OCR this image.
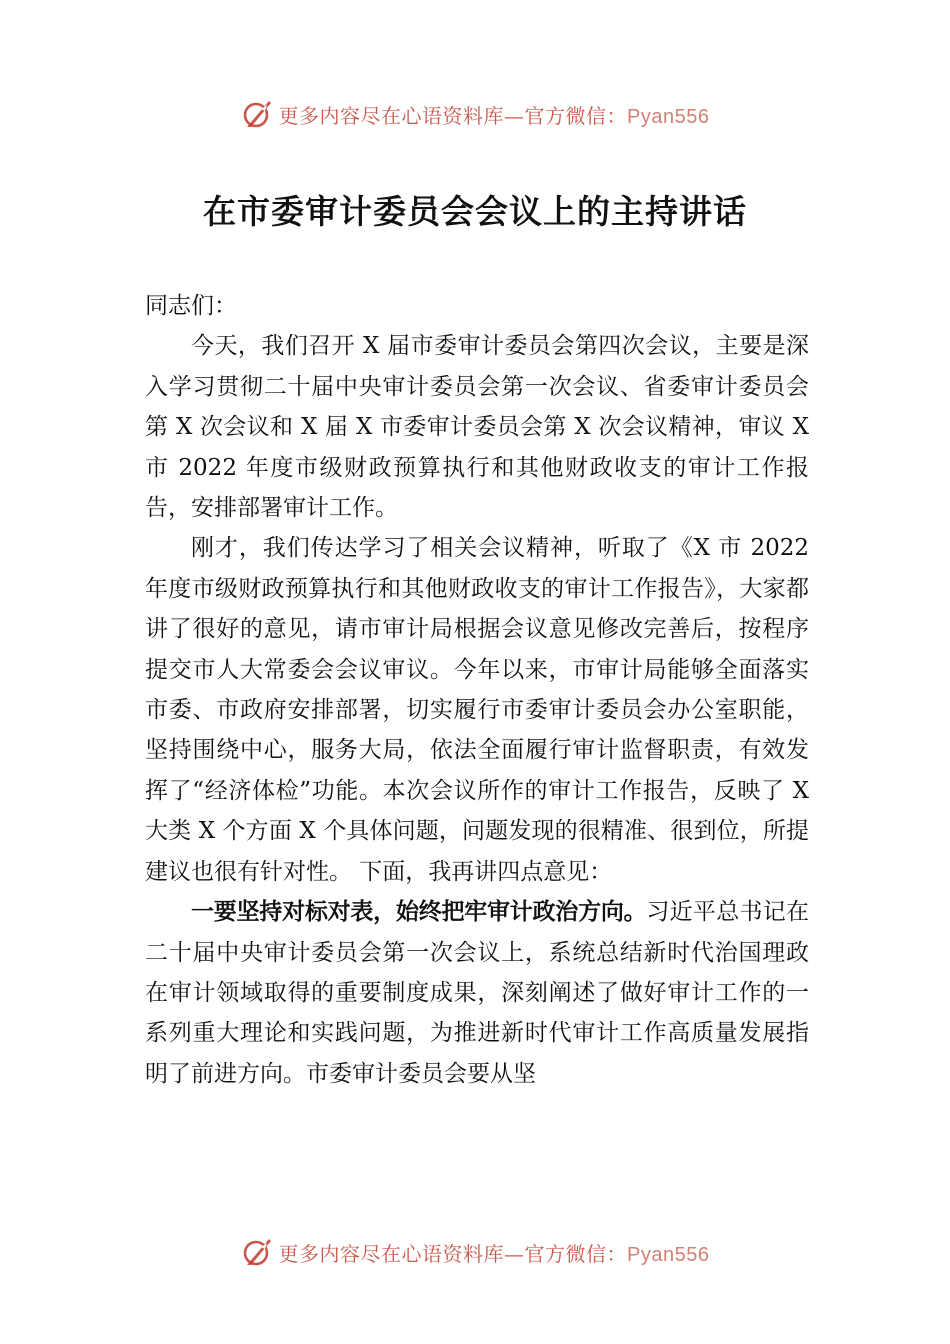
更多内容尽在心语资料库—官方微信：Pyan556
在市委审计委员会会议上的主持讲话

同志们：

今天，我们召开 X 届市委审计委员会第四次会议，主要是深入学习贯彻二十届中央审计委员会第一次会议、省委审计委员会第 X 次会议和 X 届 X 市委审计委员会第 X 次会议精神，审议 X 市 2022 年度市级财政预算执行和其他财政收支的审计工作报告，安排部署审计工作。

刚才，我们传达学习了相关会议精神，听取了《X 市 2022 年度市级财政预算执行和其他财政收支的审计工作报告》，大家都讲了很好的意见，请市审计局根据会议意见修改完善后，按程序提交市人大常委会会议审议。今年以来，市审计局能够全面落实市委、市政府安排部署，切实履行市委审计委员会办公室职能，坚持围绕中心，服务大局，依法全面履行审计监督职责，有效发挥了“经济体检”功能。本次会议所作的审计工作报告，反映了 X 大类 X 个方面 X 个具体问题，问题发现的很精准、很到位，所提建议也很有针对性。 下面，我再讲四点意见：

一要坚持对标对表，始终把牢审计政治方向。习近平总书记在二十届中央审计委员会第一次会议上，系统总结新时代治国理政在审计领域取得的重要制度成果，深刻阐述了做好审计工作的一系列重大理论和实践问题，为推进新时代审计工作高质量发展指明了前进方向。市委审计委员会要从坚

更多内容尽在心语资料库—官方微信：Pyan556
